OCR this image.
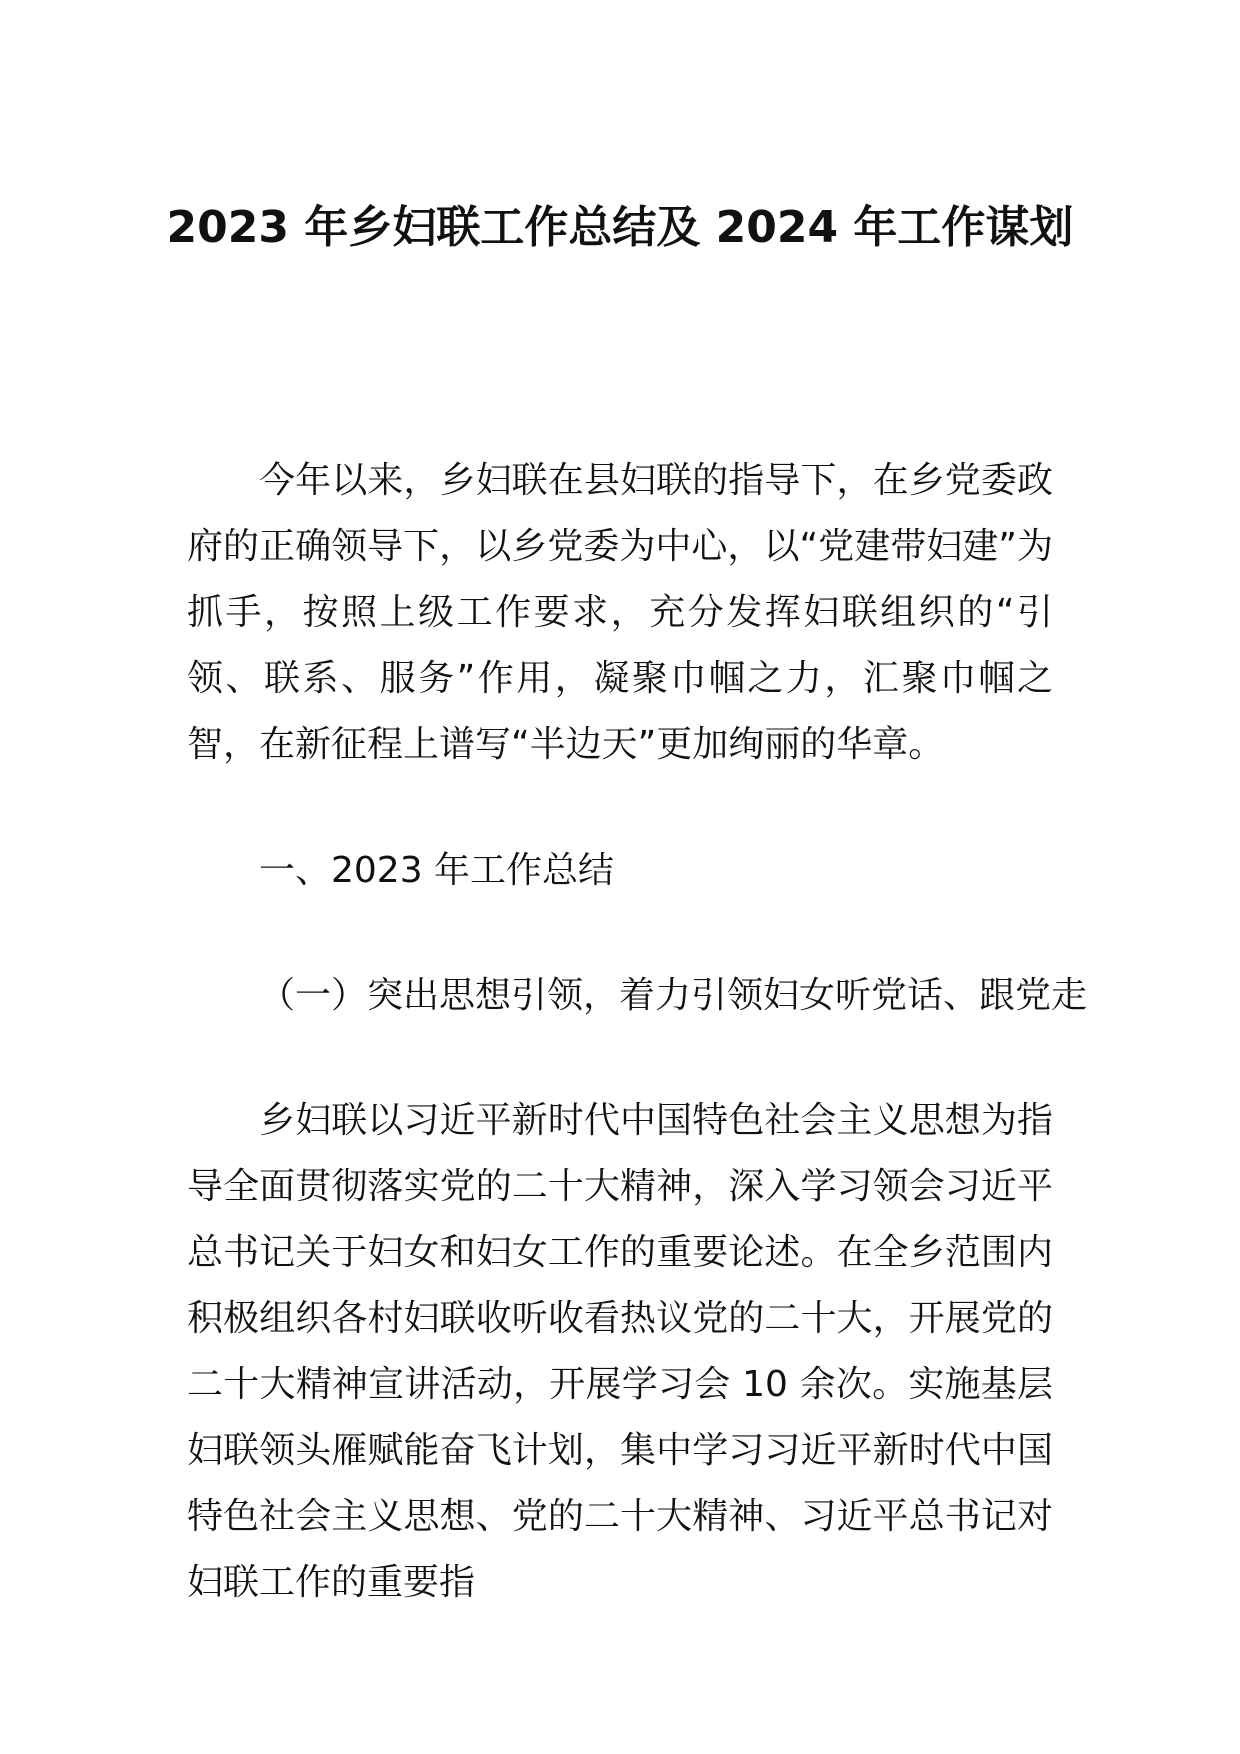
2023 年乡妇联工作总结及 2024 年工作谋划
今年以来，乡妇联在县妇联的指导下，在乡党委政府的正确领导下，以乡党委为中心，以“党建带妇建”为抓手，按照上级工作要求，充分发挥妇联组织的“引领、联系、服务”作用，凝聚巾帼之力，汇聚巾帼之智，在新征程上谱写“半边天”更加绚丽的华章。
一、2023 年工作总结
（一）突出思想引领，着力引领妇女听党话、跟党走
乡妇联以习近平新时代中国特色社会主义思想为指导全面贯彻落实党的二十大精神，深入学习领会习近平总书记关于妇女和妇女工作的重要论述。在全乡范围内积极组织各村妇联收听收看热议党的二十大，开展党的二十大精神宣讲活动，开展学习会 10 余次。实施基层妇联领头雁赋能奋飞计划，集中学习习近平新时代中国特色社会主义思想、党的二十大精神、习近平总书记对妇联工作的重要指
